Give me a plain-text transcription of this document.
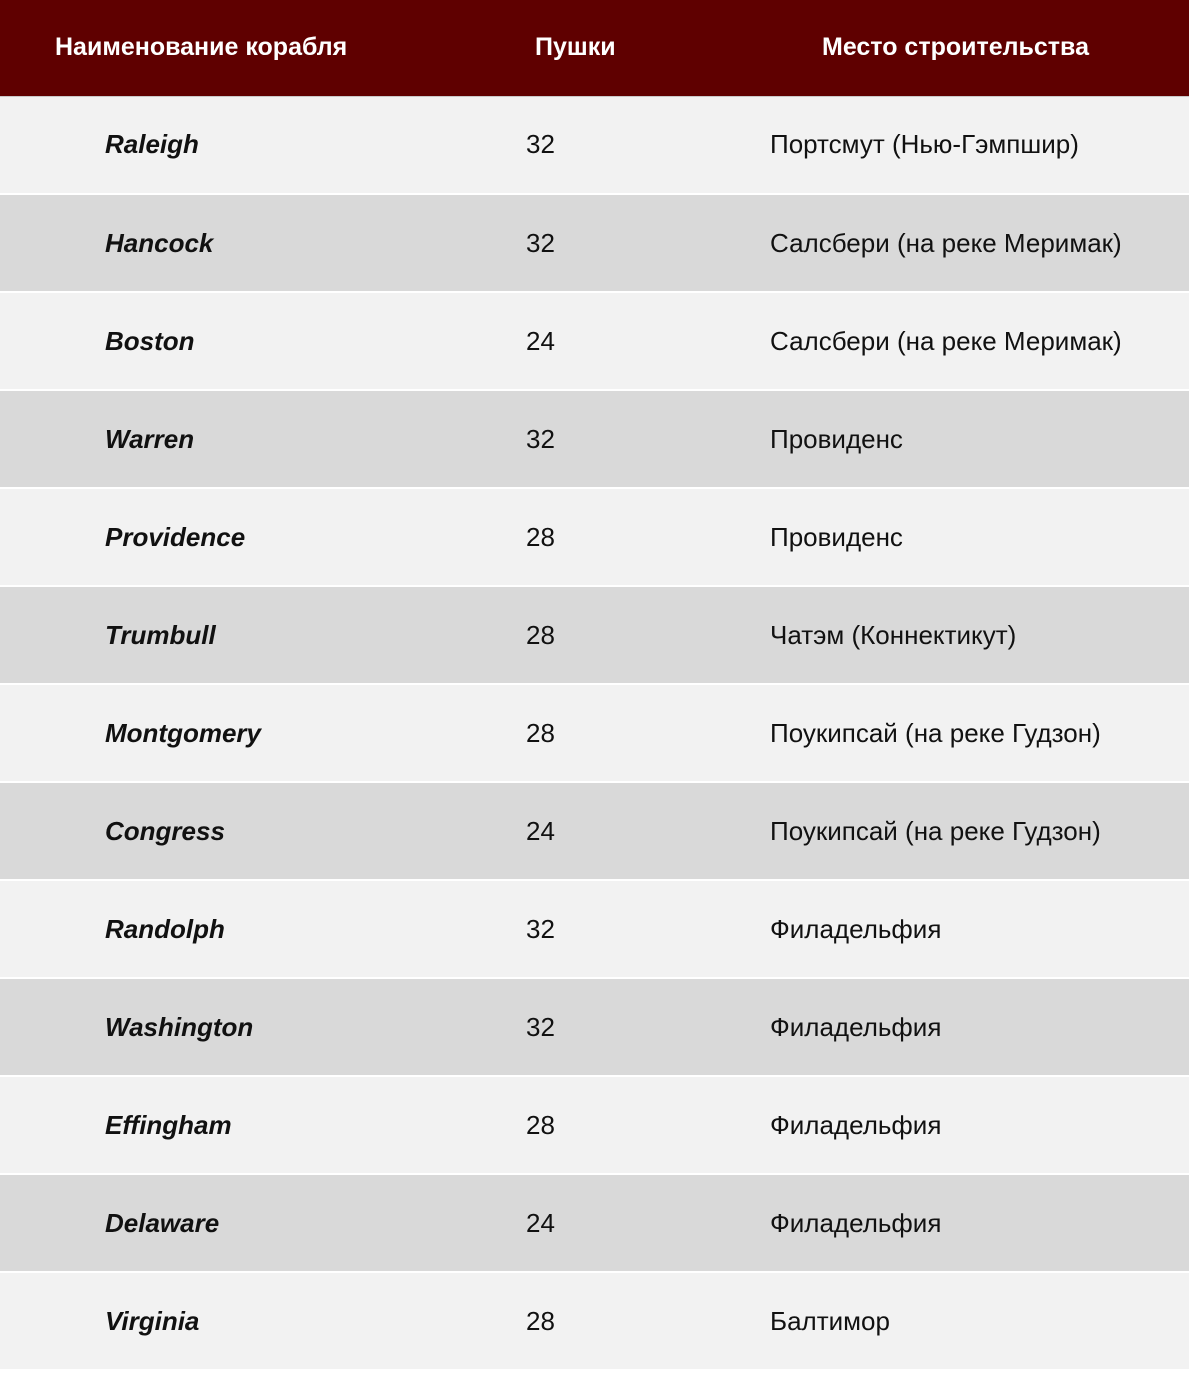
Наименование корабля	Пушки	Место строительства
Raleigh	32	Портсмут (Нью-Гэмпшир)
Hancock	32	Салсбери (на реке Меримак)
Boston	24	Салсбери (на реке Меримак)
Warren	32	Провиденс
Providence	28	Провиденс
Trumbull	28	Чатэм (Коннектикут)
Montgomery	28	Поукипсай (на реке Гудзон)
Congress	24	Поукипсай (на реке Гудзон)
Randolph	32	Филадельфия
Washington	32	Филадельфия
Effingham	28	Филадельфия
Delaware	24	Филадельфия
Virginia	28	Балтимор
